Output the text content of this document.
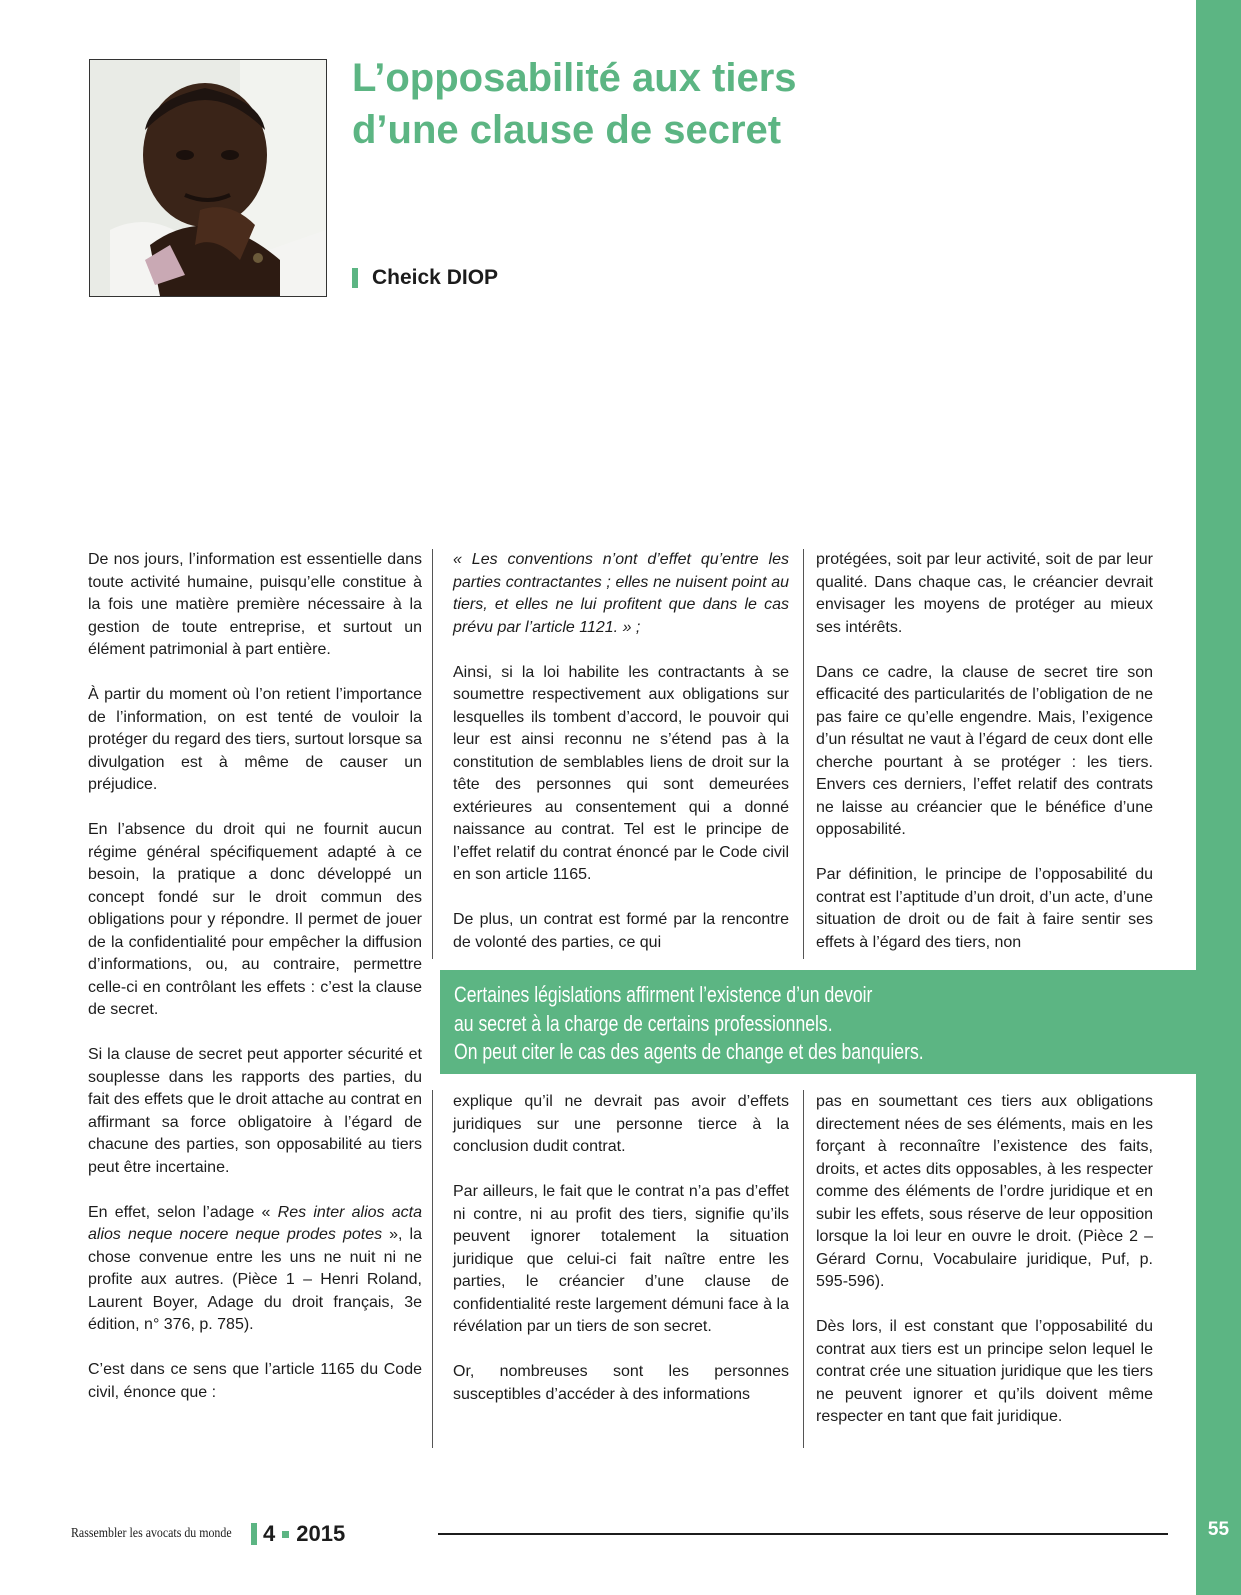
55
L’opposabilité aux tiers
d’une clause de secret
Cheick DIOP

De nos jours, l’information est essentielle dans toute activité humaine, puisqu’elle constitue à la fois une matière première nécessaire à la gestion de toute entreprise, et surtout un élément patrimonial à part entière.

À partir du moment où l’on retient l’importance de l’information, on est tenté de vouloir la protéger du regard des tiers, surtout lorsque sa divulgation est à même de causer un préjudice.

En l’absence du droit qui ne fournit aucun régime général spécifiquement adapté à ce besoin, la pratique a donc développé un concept fondé sur le droit commun des obligations pour y répondre. Il permet de jouer de la confidentialité pour empêcher la diffusion d’informations, ou, au contraire, permettre celle-ci en contrôlant les effets : c’est la clause de secret.

Si la clause de secret peut apporter sécurité et souplesse dans les rapports des parties, du fait des effets que le droit attache au contrat en affirmant sa force obligatoire à l’égard de chacune des parties, son opposabilité au tiers peut être incertaine.

En effet, selon l’adage « Res inter alios acta alios neque nocere neque prodes potes », la chose convenue entre les uns ne nuit ni ne profite aux autres. (Pièce 1 – Henri Roland, Laurent Boyer, Adage du droit français, 3e édition, n° 376, p. 785).

C’est dans ce sens que l’article 1165 du Code civil, énonce que :

« Les conventions n’ont d’effet qu’entre les parties contractantes ; elles ne nuisent point au tiers, et elles ne lui profitent que dans le cas prévu par l’article 1121. » ;

Ainsi, si la loi habilite les contractants à se soumettre respectivement aux obligations sur lesquelles ils tombent d’accord, le pouvoir qui leur est ainsi reconnu ne s’étend pas à la constitution de semblables liens de droit sur la tête des personnes qui sont demeurées extérieures au consentement qui a donné naissance au contrat. Tel est le principe de l’effet relatif du contrat énoncé par le Code civil en son article 1165.

De plus, un contrat est formé par la rencontre de volonté des parties, ce qui

protégées, soit par leur activité, soit de par leur qualité. Dans chaque cas, le créancier devrait envisager les moyens de protéger au mieux ses intérêts.

Dans ce cadre, la clause de secret tire son efficacité des particularités de l’obligation de ne pas faire ce qu’elle engendre. Mais, l’exigence d’un résultat ne vaut à l’égard de ceux dont elle cherche pourtant à se protéger : les tiers. Envers ces derniers, l’effet relatif des contrats ne laisse au créancier que le bénéfice d’une opposabilité.

Par définition, le principe de l’opposabilité du contrat est l’aptitude d’un droit, d’un acte, d’une situation de droit ou de fait à faire sentir ses effets à l’égard des tiers, non

Certaines législations affirment l’existence d’un devoir
au secret à la charge de certains professionnels.
On peut citer le cas des agents de change et des banquiers.

explique qu’il ne devrait pas avoir d’effets juridiques sur une personne tierce à la conclusion dudit contrat.

Par ailleurs, le fait que le contrat n’a pas d’effet ni contre, ni au profit des tiers, signifie qu’ils peuvent ignorer totalement la situation juridique que celui-ci fait naître entre les parties, le créancier d’une clause de confidentialité reste largement démuni face à la révélation par un tiers de son secret.

Or, nombreuses sont les personnes susceptibles d’accéder à des informations

pas en soumettant ces tiers aux obligations directement nées de ses éléments, mais en les forçant à reconnaître l’existence des faits, droits, et actes dits opposables, à les respecter comme des éléments de l’ordre juridique et en subir les effets, sous réserve de leur opposition lorsque la loi leur en ouvre le droit. (Pièce 2 – Gérard Cornu, Vocabulaire juridique, Puf, p. 595-596).

Dès lors, il est constant que l’opposabilité du contrat aux tiers est un principe selon lequel le contrat crée une situation juridique que les tiers ne peuvent ignorer et qu’ils doivent même respecter en tant que fait juridique.

Rassembler les avocats du monde 4 2015
